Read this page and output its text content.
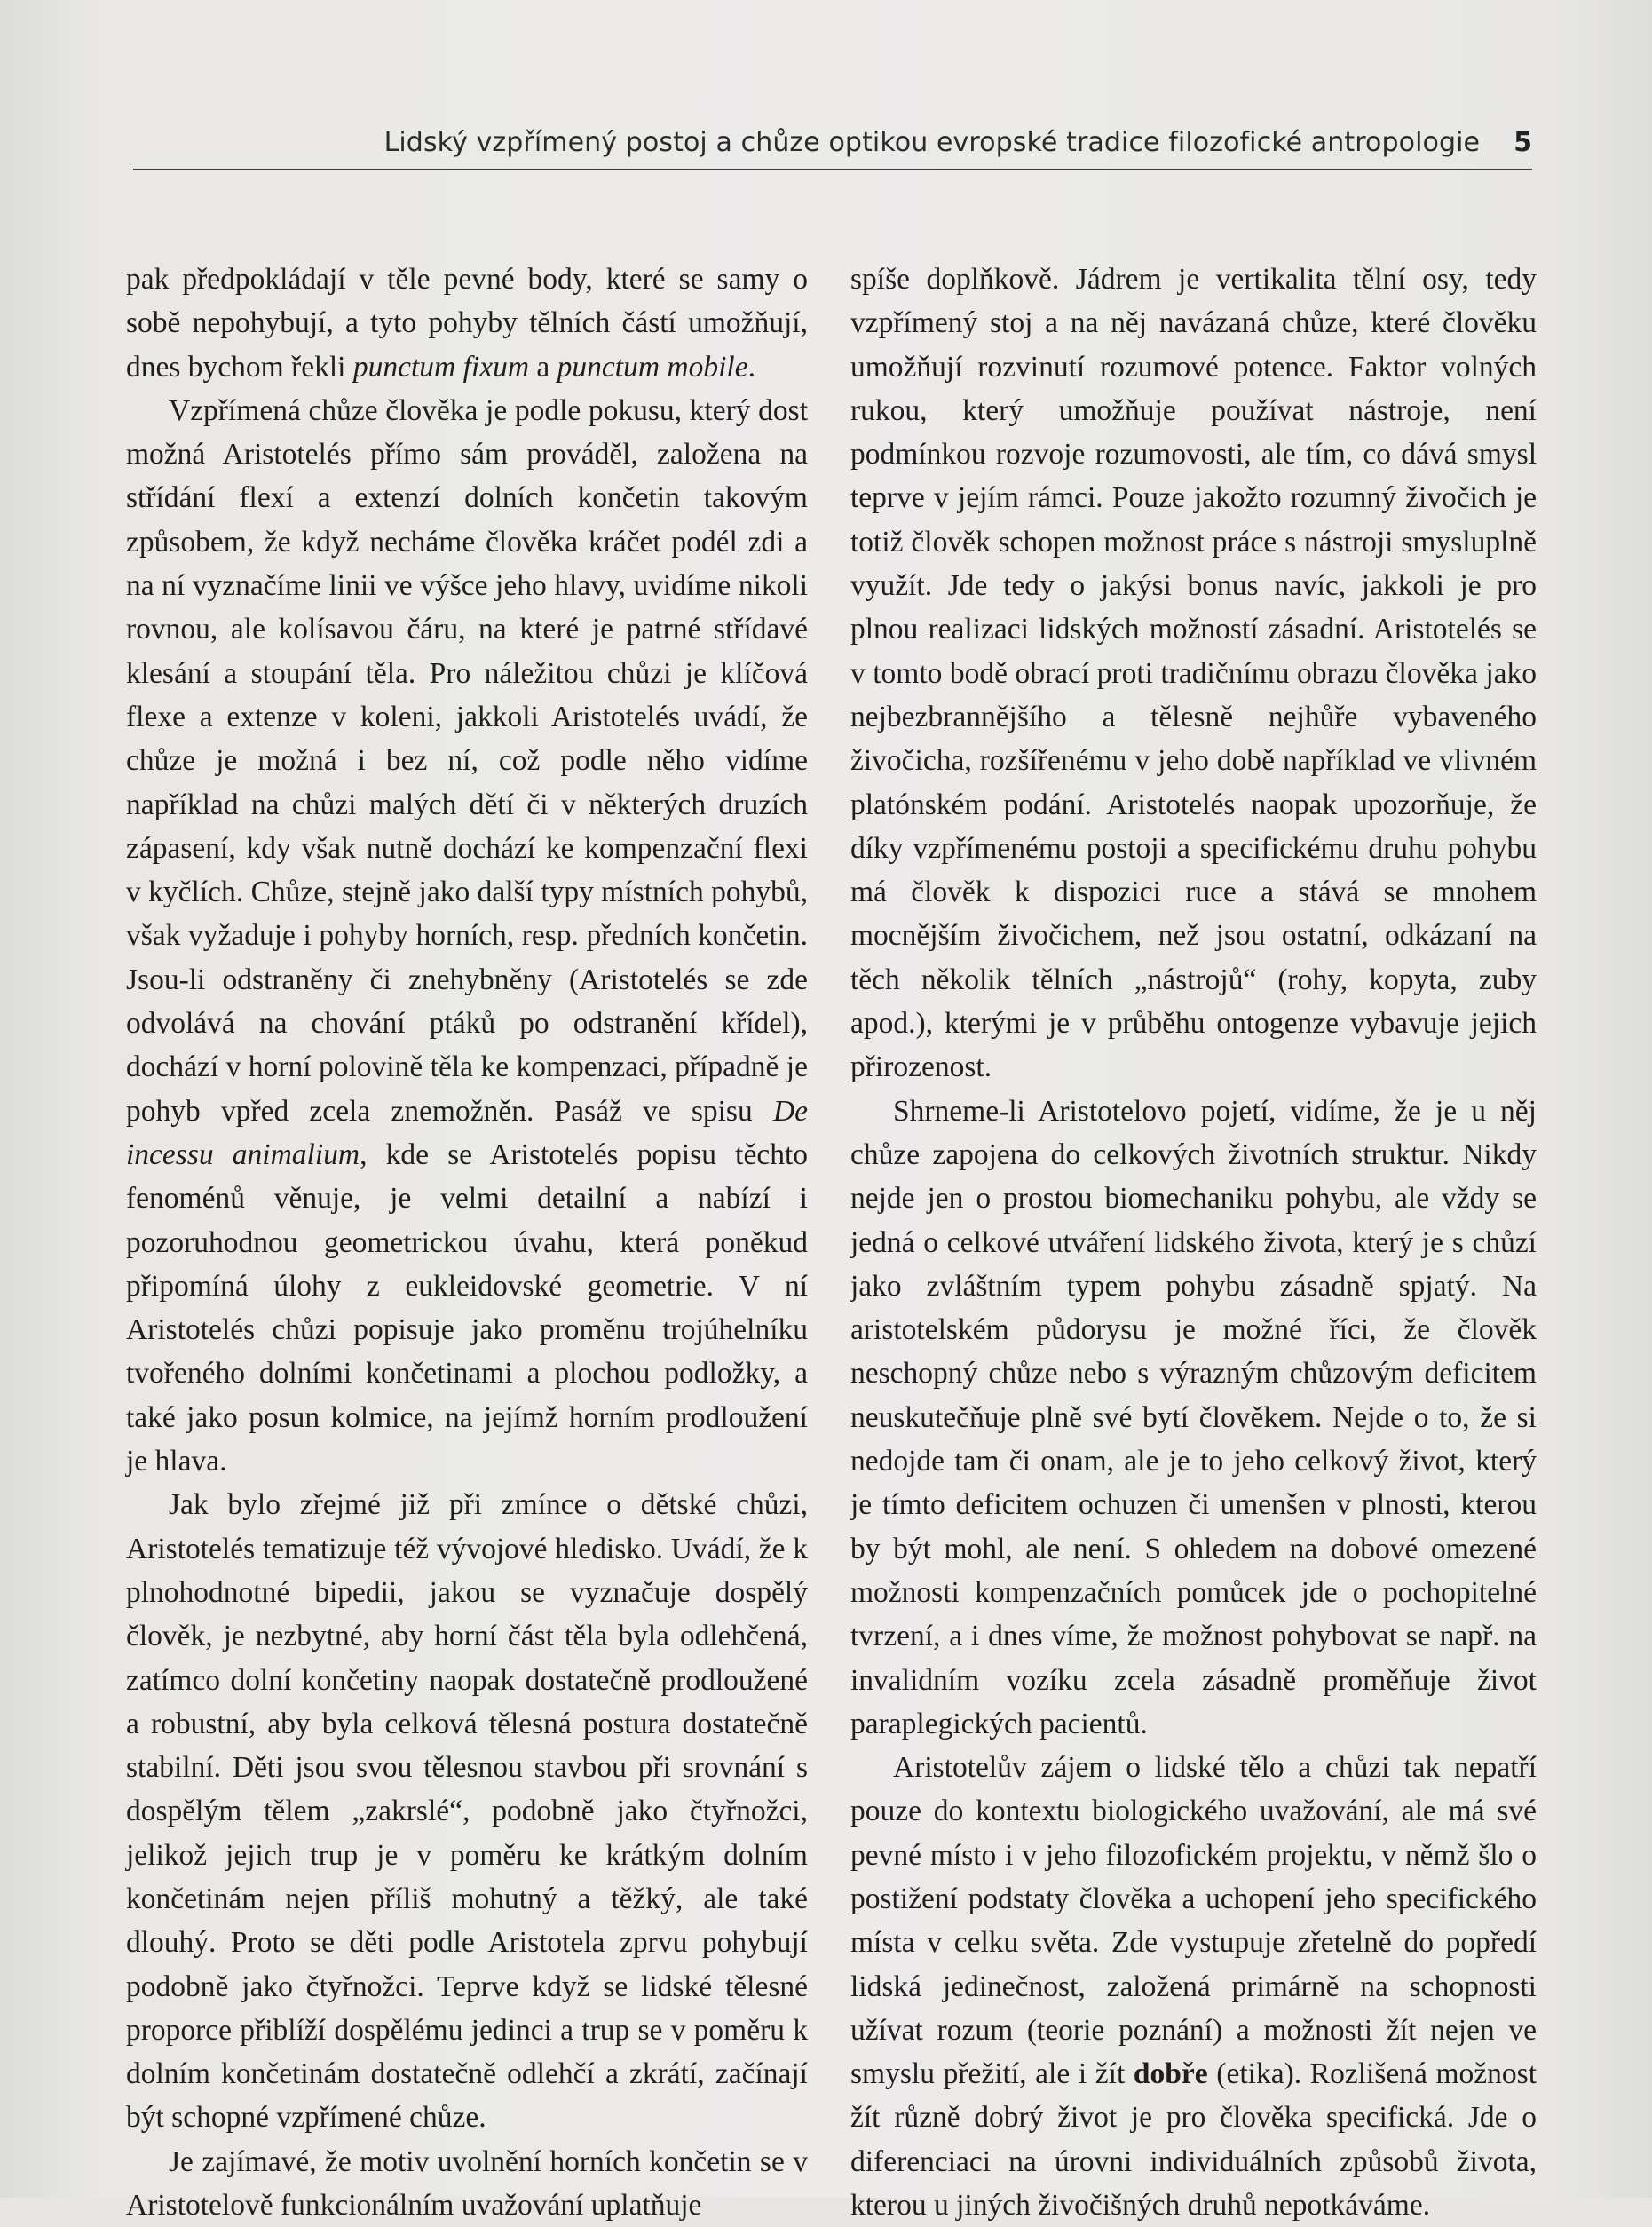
Lidský vzpřímený postoj a chůze optikou evropské tradice filozofické antropologie 5

pak předpokládají v těle pevné body, které se samy o sobě nepohybují, a tyto pohyby tělních částí umožňují, dnes bychom řekli punctum fixum a punctum mobile.

Vzpřímená chůze člověka je podle pokusu, který dost možná Aristotelés přímo sám prováděl, založena na střídání flexí a extenzí dolních končetin takovým způsobem, že když necháme člověka kráčet podél zdi a na ní vyznačíme linii ve výšce jeho hlavy, uvidíme nikoli rovnou, ale kolísavou čáru, na které je patrné střídavé klesání a stoupání těla. Pro náležitou chůzi je klíčová flexe a extenze v koleni, jakkoli Aristotelés uvádí, že chůze je možná i bez ní, což podle něho vidíme například na chůzi malých dětí či v některých druzích zápasení, kdy však nutně dochází ke kompenzační flexi v kyčlích. Chůze, stejně jako další typy místních pohybů, však vyžaduje i pohyby horních, resp. předních končetin. Jsou-li odstraněny či znehybněny (Aristotelés se zde odvolává na chování ptáků po odstranění křídel), dochází v horní polovině těla ke kompenzaci, případně je pohyb vpřed zcela znemožněn. Pasáž ve spisu De incessu animalium, kde se Aristotelés popisu těchto fenoménů věnuje, je velmi detailní a nabízí i pozoruhodnou geometrickou úvahu, která poněkud připomíná úlohy z eukleidovské geometrie. V ní Aristotelés chůzi popisuje jako proměnu trojúhelníku tvořeného dolními končetinami a plochou podložky, a také jako posun kolmice, na jejímž horním prodloužení je hlava.

Jak bylo zřejmé již při zmínce o dětské chůzi, Aristotelés tematizuje též vývojové hledisko. Uvádí, že k plnohodnotné bipedii, jakou se vyznačuje dospělý člověk, je nezbytné, aby horní část těla byla odlehčená, zatímco dolní končetiny naopak dostatečně prodloužené a robustní, aby byla celková tělesná postura dostatečně stabilní. Děti jsou svou tělesnou stavbou při srovnání s dospělým tělem „zakrslé“, podobně jako čtyřnožci, jelikož jejich trup je v poměru ke krátkým dolním končetinám nejen příliš mohutný a těžký, ale také dlouhý. Proto se děti podle Aristotela zprvu pohybují podobně jako čtyřnožci. Teprve když se lidské tělesné proporce přiblíží dospělému jedinci a trup se v poměru k dolním končetinám dostatečně odlehčí a zkrátí, začínají být schopné vzpřímené chůze.

Je zajímavé, že motiv uvolnění horních končetin se v Aristotelově funkcionálním uvažování uplatňuje

spíše doplňkově. Jádrem je vertikalita tělní osy, tedy vzpřímený stoj a na něj navázaná chůze, které člověku umožňují rozvinutí rozumové potence. Faktor volných rukou, který umožňuje používat nástroje, není podmínkou rozvoje rozumovosti, ale tím, co dává smysl teprve v jejím rámci. Pouze jakožto rozumný živočich je totiž člověk schopen možnost práce s nástroji smysluplně využít. Jde tedy o jakýsi bonus navíc, jakkoli je pro plnou realizaci lidských možností zásadní. Aristotelés se v tomto bodě obrací proti tradičnímu obrazu člověka jako nejbezbrannějšího a tělesně nejhůře vybaveného živočicha, rozšířenému v jeho době například ve vlivném platónském podání. Aristotelés naopak upozorňuje, že díky vzpřímenému postoji a specifickému druhu pohybu má člověk k dispozici ruce a stává se mnohem mocnějším živočichem, než jsou ostatní, odkázaní na těch několik tělních „nástrojů“ (rohy, kopyta, zuby apod.), kterými je v průběhu ontogenze vybavuje jejich přirozenost.

Shrneme-li Aristotelovo pojetí, vidíme, že je u něj chůze zapojena do celkových životních struktur. Nikdy nejde jen o prostou biomechaniku pohybu, ale vždy se jedná o celkové utváření lidského života, který je s chůzí jako zvláštním typem pohybu zásadně spjatý. Na aristotelském půdorysu je možné říci, že člověk neschopný chůze nebo s výrazným chůzovým deficitem neuskutečňuje plně své bytí člověkem. Nejde o to, že si nedojde tam či onam, ale je to jeho celkový život, který je tímto deficitem ochuzen či umenšen v plnosti, kterou by být mohl, ale není. S ohledem na dobové omezené možnosti kompenzačních pomůcek jde o pochopitelné tvrzení, a i dnes víme, že možnost pohybovat se např. na invalidním vozíku zcela zásadně proměňuje život paraplegických pacientů.

Aristotelův zájem o lidské tělo a chůzi tak nepatří pouze do kontextu biologického uvažování, ale má své pevné místo i v jeho filozofickém projektu, v němž šlo o postižení podstaty člověka a uchopení jeho specifického místa v celku světa. Zde vystupuje zřetelně do popředí lidská jedinečnost, založená primárně na schopnosti užívat rozum (teorie poznání) a možnosti žít nejen ve smyslu přežití, ale i žít dobře (etika). Rozlišená možnost žít různě dobrý život je pro člověka specifická. Jde o diferenciaci na úrovni individuálních způsobů života, kterou u jiných živočišných druhů nepotkáváme.
